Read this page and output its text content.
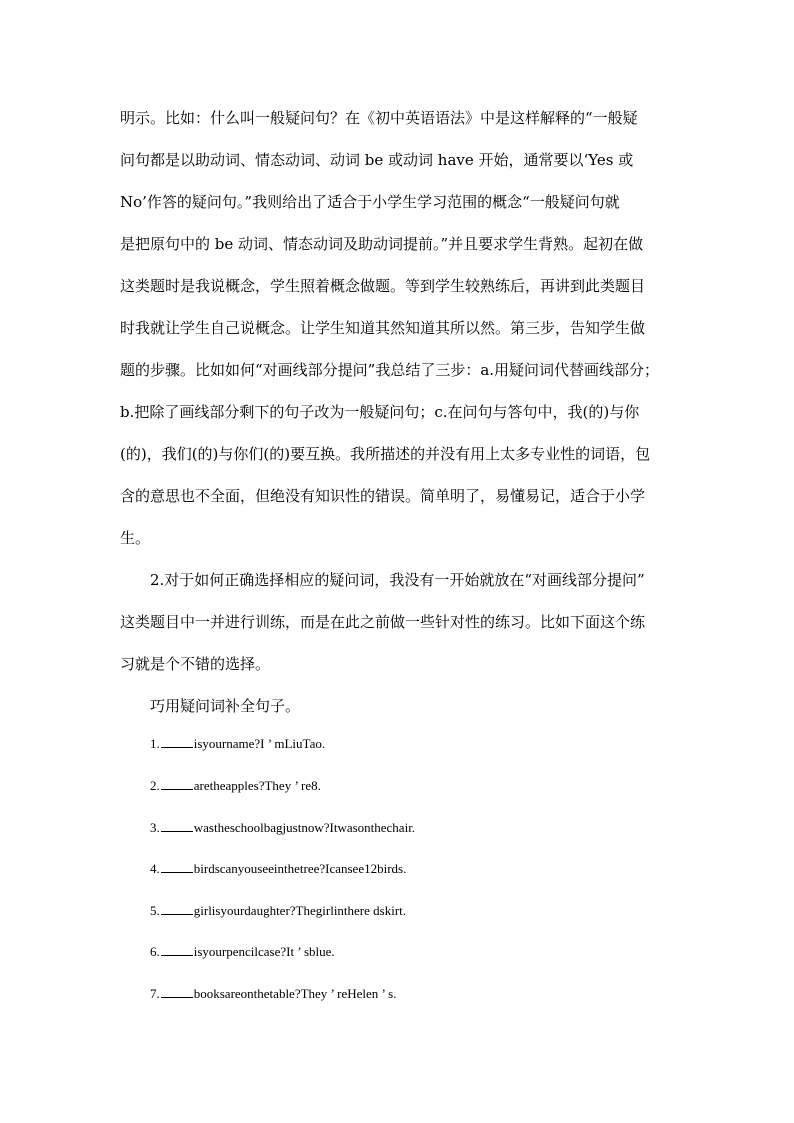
明示。比如：什么叫一般疑问句？在《初中英语语法》中是这样解释的“一般疑
问句都是以助动词、情态动词、动词 be 或动词 have 开始，通常要以‘Yes 或
No’作答的疑问句。”我则给出了适合于小学生学习范围的概念“一般疑问句就
是把原句中的 be 动词、情态动词及助动词提前。”并且要求学生背熟。起初在做
这类题时是我说概念，学生照着概念做题。等到学生较熟练后，再讲到此类题目
时我就让学生自己说概念。让学生知道其然知道其所以然。第三步，告知学生做
题的步骤。比如如何“对画线部分提问”我总结了三步：a.用疑问词代替画线部分；
b.把除了画线部分剩下的句子改为一般疑问句；c.在问句与答句中，我(的)与你
(的)，我们(的)与你们(的)要互换。我所描述的并没有用上太多专业性的词语，包
含的意思也不全面，但绝没有知识性的错误。简单明了，易懂易记，适合于小学
生。
2.对于如何正确选择相应的疑问词，我没有一开始就放在“对画线部分提问”
这类题目中一并进行训练，而是在此之前做一些针对性的练习。比如下面这个练
习就是个不错的选择。
巧用疑问词补全句子。
1.	isyourname?I ’ mLiuTao.
2.	aretheapples?They ’ re8.
3.	wastheschoolbagjustnow?Itwasonthechair.
4.	birdscanyouseeinthetree?Icansee12birds.
5.	girlisyourdaughter?Thegirlinthere dskirt.
6.	isyourpencilcase?It ’ sblue.
7.	booksareonthetable?They ’ reHelen ’ s.
